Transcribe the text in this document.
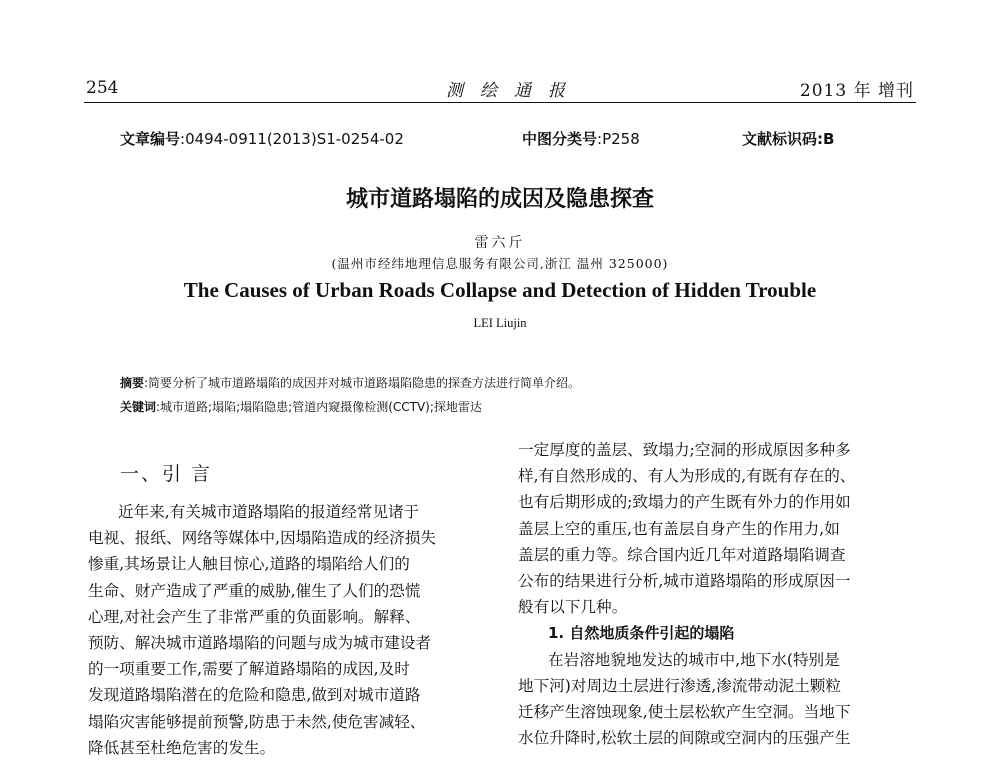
254	测绘通报	2013 年 增刊
文章编号:0494-0911(2013)S1-0254-02	中图分类号:P258	文献标识码:B
城市道路塌陷的成因及隐患探查
雷六斤
(温州市经纬地理信息服务有限公司,浙江 温州 325000)
The Causes of Urban Roads Collapse and Detection of Hidden Trouble
LEI Liujin
摘要:简要分析了城市道路塌陷的成因并对城市道路塌陷隐患的探查方法进行简单介绍。
关键词:城市道路;塌陷;塌陷隐患;管道内窥摄像检测(CCTV);探地雷达
一、引 言
近年来,有关城市道路塌陷的报道经常见诸于
电视、报纸、网络等媒体中,因塌陷造成的经济损失
惨重,其场景让人触目惊心,道路的塌陷给人们的
生命、财产造成了严重的威胁,催生了人们的恐慌
心理,对社会产生了非常严重的负面影响。解释、
预防、解决城市道路塌陷的问题与成为城市建设者
的一项重要工作,需要了解道路塌陷的成因,及时
发现道路塌陷潜在的危险和隐患,做到对城市道路
塌陷灾害能够提前预警,防患于未然,使危害减轻、
降低甚至杜绝危害的发生。
一定厚度的盖层、致塌力;空洞的形成原因多种多
样,有自然形成的、有人为形成的,有既有存在的、
也有后期形成的;致塌力的产生既有外力的作用如
盖层上空的重压,也有盖层自身产生的作用力,如
盖层的重力等。综合国内近几年对道路塌陷调查
公布的结果进行分析,城市道路塌陷的形成原因一
般有以下几种。
1. 自然地质条件引起的塌陷
在岩溶地貌地发达的城市中,地下水(特别是
地下河)对周边土层进行渗透,渗流带动泥土颗粒
迁移产生溶蚀现象,使土层松软产生空洞。当地下
水位升降时,松软土层的间隙或空洞内的压强产生
